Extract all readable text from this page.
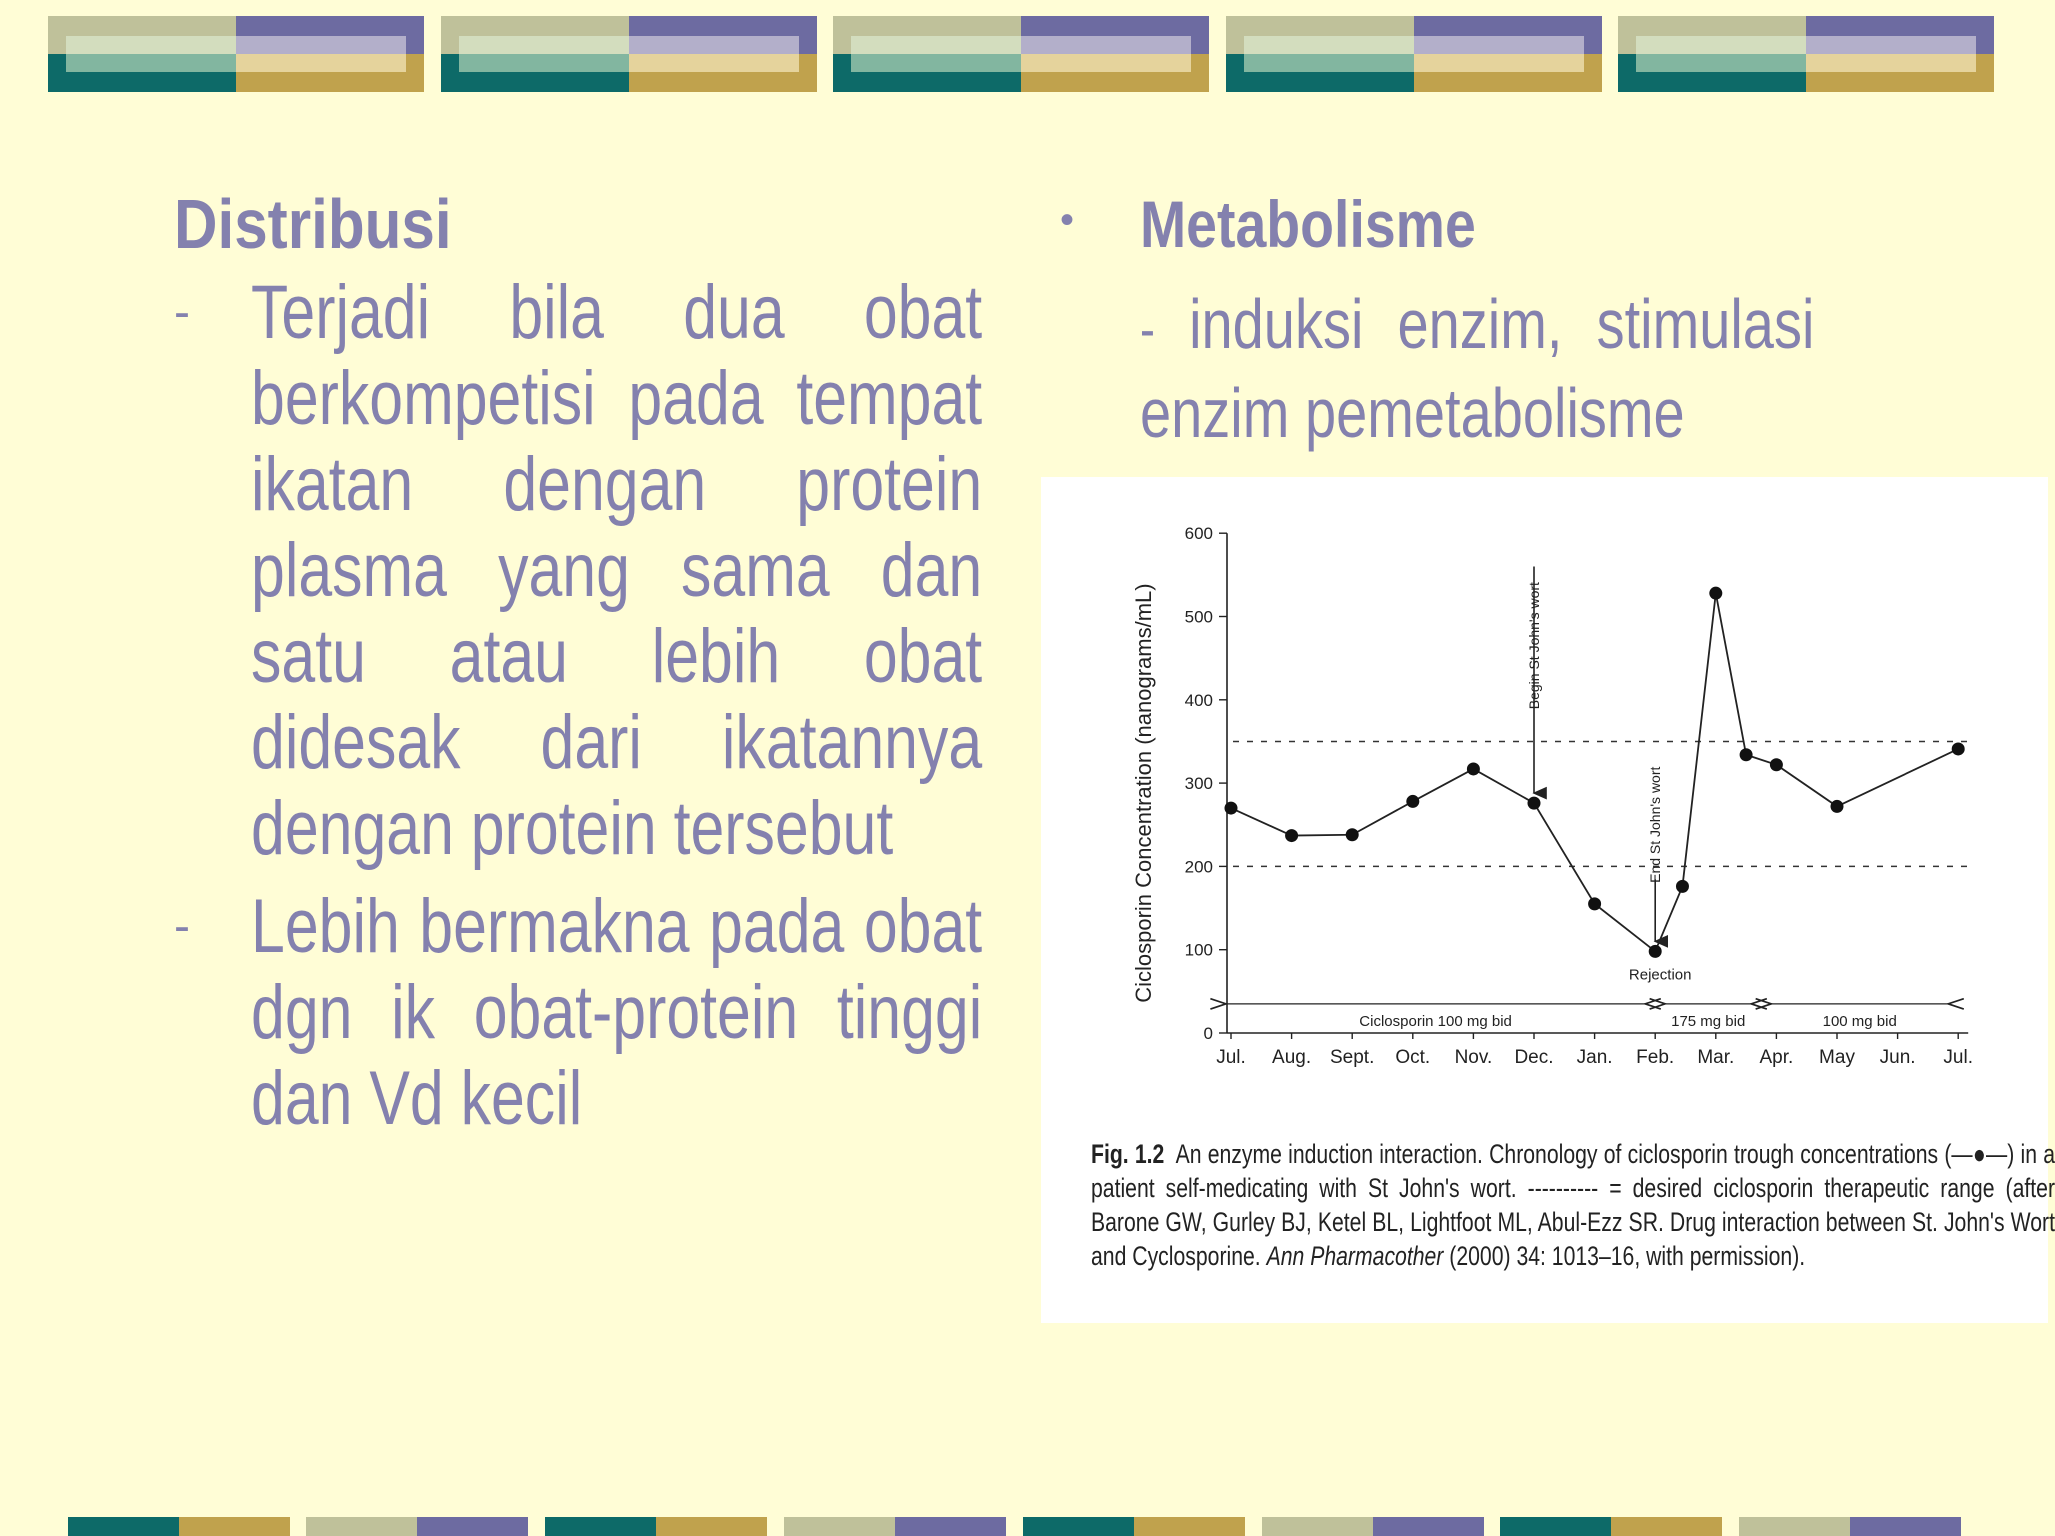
Distribusi
- Terjadi bila dua obat berkompetisi pada tempat ikatan dengan protein plasma yang sama dan satu atau lebih obat didesak dari ikatannya dengan protein tersebut
- Lebih bermakna pada obat dgn ik obat-protein tinggi dan Vd kecil
• Metabolisme
- induksi enzim, stimulasi enzim pemetabolisme
0
100
200
300
400
500
600
Ciclosporin Concentration (nanograms/mL)
Jul. Aug. Sept. Oct. Nov. Dec. Jan. Feb. Mar. Apr. May Jun. Jul.
Begin St John's wort
End St John's wort
Rejection
Ciclosporin 100 mg bid	175 mg bid	100 mg bid
Fig. 1.2 An enzyme induction interaction. Chronology of ciclosporin trough concentrations (—●—) in a patient self-medicating with St John's wort. ---------- = desired ciclosporin therapeutic range (after Barone GW, Gurley BJ, Ketel BL, Lightfoot ML, Abul-Ezz SR. Drug interaction between St. John's Wort and Cyclosporine. Ann Pharmacother (2000) 34: 1013–16, with permission).
